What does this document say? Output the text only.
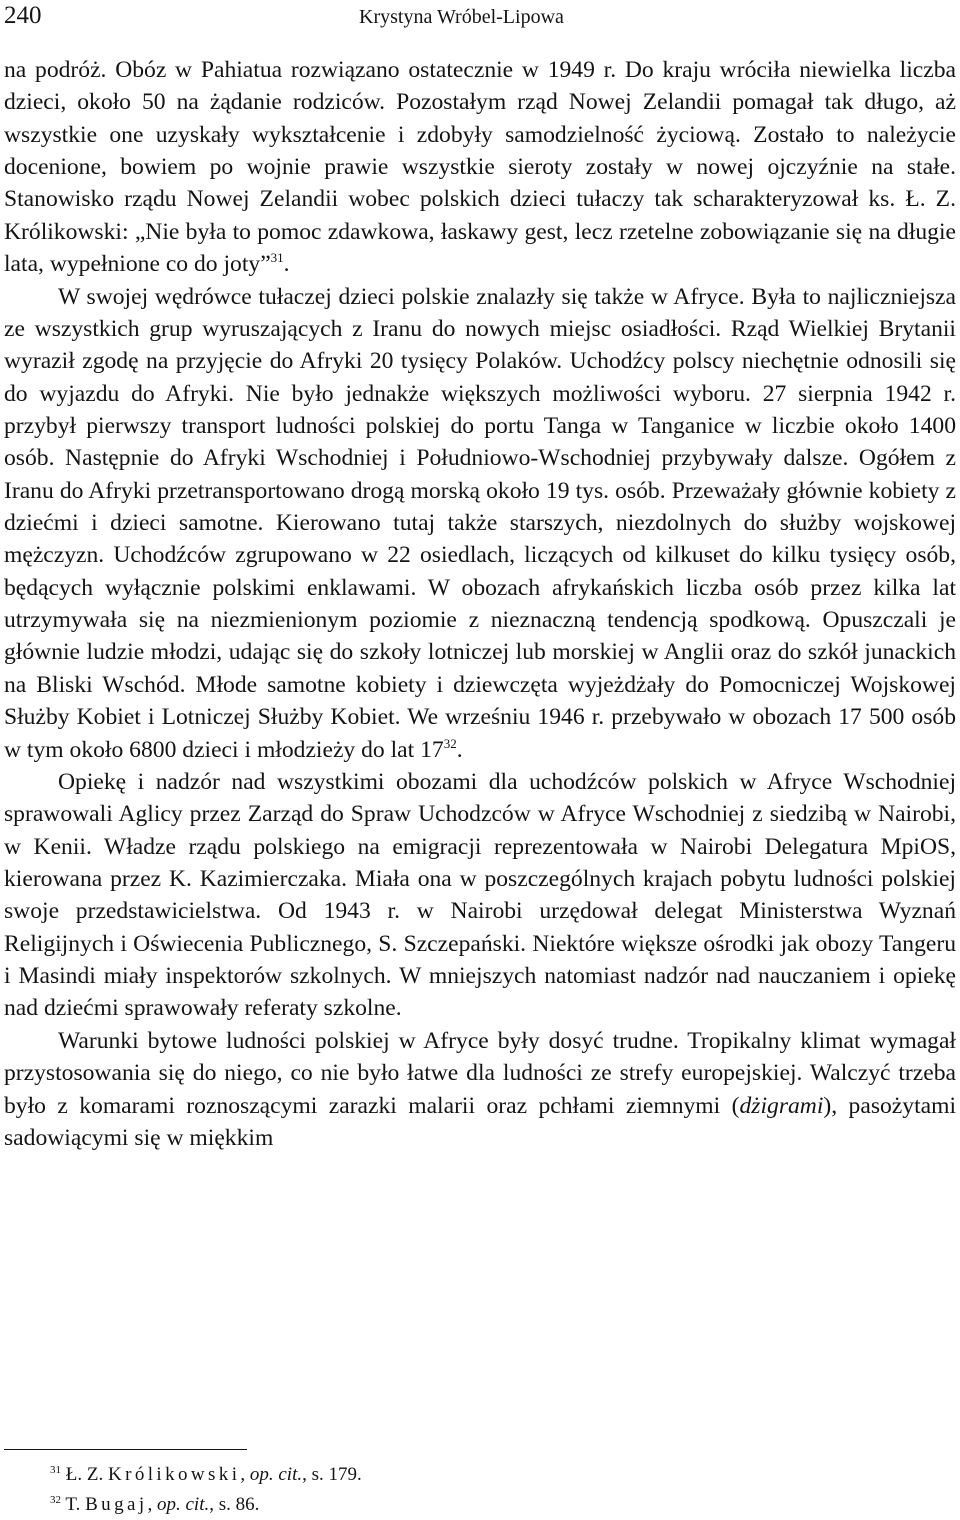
240	Krystyna Wróbel-Lipowa

na podróż. Obóz w Pahiatua rozwiązano ostatecznie w 1949 r. Do kraju wróciła niewielka liczba dzieci, około 50 na żądanie rodziców. Pozostałym rząd Nowej Zelandii pomagał tak długo, aż wszystkie one uzyskały wykształcenie i zdobyły samodzielność życiową. Zostało to należycie docenione, bowiem po wojnie prawie wszystkie sieroty zostały w nowej ojczyźnie na stałe. Stanowisko rządu Nowej Zelandii wobec polskich dzieci tułaczy tak scharakteryzował ks. Ł. Z. Królikowski: „Nie była to pomoc zdawkowa, łaskawy gest, lecz rzetelne zobowiązanie się na długie lata, wypełnione co do joty”$^{31}$.

W swojej wędrówce tułaczej dzieci polskie znalazły się także w Afryce. Była to najliczniejsza ze wszystkich grup wyruszających z Iranu do nowych miejsc osiadłości. Rząd Wielkiej Brytanii wyraził zgodę na przyjęcie do Afryki 20 tysięcy Polaków. Uchodźcy polscy niechętnie odnosili się do wyjazdu do Afryki. Nie było jednakże większych możliwości wyboru. 27 sierpnia 1942 r. przybył pierwszy transport ludności polskiej do portu Tanga w Tanganice w liczbie około 1400 osób. Następnie do Afryki Wschodniej i Południowo-Wschodniej przybywały dalsze. Ogółem z Iranu do Afryki przetransportowano drogą morską około 19 tys. osób. Przeważały głównie kobiety z dziećmi i dzieci samotne. Kierowano tutaj także starszych, niezdolnych do służby wojskowej mężczyzn. Uchodźców zgrupowano w 22 osiedlach, liczących od kilkuset do kilku tysięcy osób, będących wyłącznie polskimi enklawami. W obozach afrykańskich liczba osób przez kilka lat utrzymywała się na niezmienionym poziomie z nieznaczną tendencją spodkową. Opuszczali je głównie ludzie młodzi, udając się do szkoły lotniczej lub morskiej w Anglii oraz do szkół junackich na Bliski Wschód. Młode samotne kobiety i dziewczęta wyjeżdżały do Pomocniczej Wojskowej Służby Kobiet i Lotniczej Służby Kobiet. We wrześniu 1946 r. przebywało w obozach 17 500 osób w tym około 6800 dzieci i młodzieży do lat $17^{32}$.

Opiekę i nadzór nad wszystkimi obozami dla uchodźców polskich w Afryce Wschodniej sprawowali Aglicy przez Zarząd do Spraw Uchodzców w Afryce Wschodniej z siedzibą w Nairobi, w Kenii. Władze rządu polskiego na emigracji reprezentowała w Nairobi Delegatura MpiOS, kierowana przez K. Kazimierczaka. Miała ona w poszczególnych krajach pobytu ludności polskiej swoje przedstawicielstwa. Od 1943 r. w Nairobi urzędował delegat Ministerstwa Wyznań Religijnych i Oświecenia Publicznego, S. Szczepański. Niektóre większe ośrodki jak obozy Tangeru i Masindi miały inspektorów szkolnych. W mniejszych natomiast nadzór nad nauczaniem i opiekę nad dziećmi sprawowały referaty szkolne.

Warunki bytowe ludności polskiej w Afryce były dosyć trudne. Tropikalny klimat wymagał przystosowania się do niego, co nie było łatwe dla ludności ze strefy europejskiej. Walczyć trzeba było z komarami roznoszącymi zarazki malarii oraz pchłami ziemnymi (dżigrami), pasożytami sadowiącymi się w miękkim

$^{31}$ Ł. Z. Królikowski, op. cit., s. 179.

$^{32}$ T. Bugaj, op. cit., s. 86.
